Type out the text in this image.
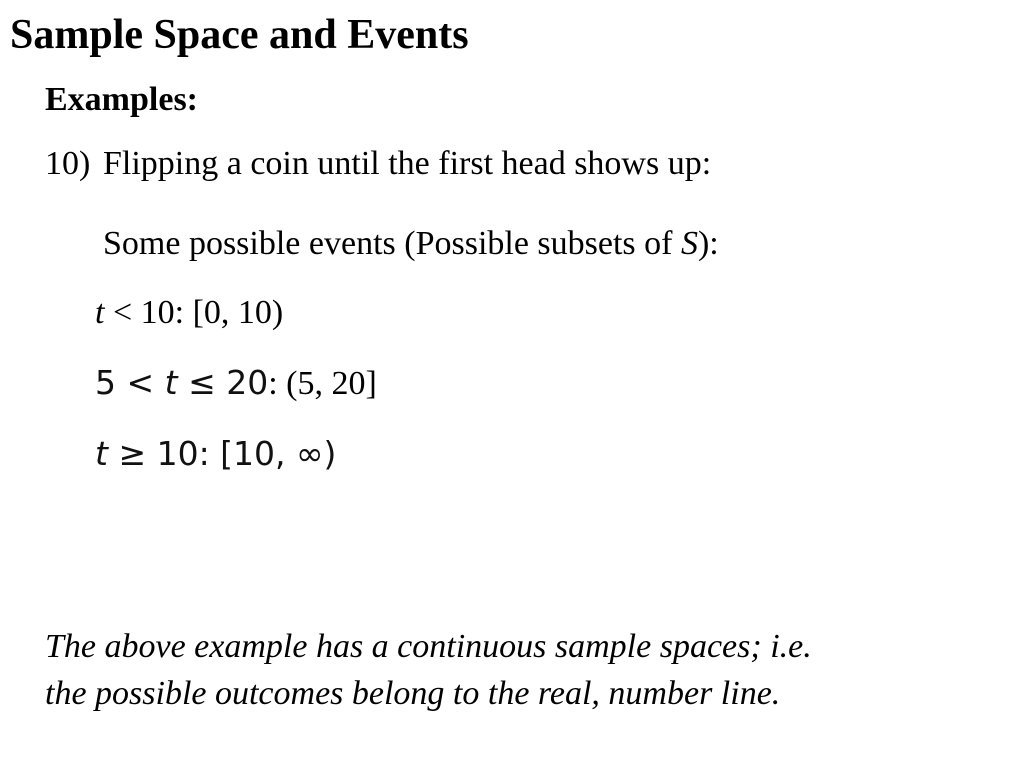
Sample Space and Events
Examples:
10) Flipping a coin until the first head shows up:
Some possible events (Possible subsets of S):
t < 10: [0, 10)
5 < t ≤ 20: (5, 20]
t ≥ 10: [10, ∞)
The above example has a continuous sample spaces; i.e.
the possible outcomes belong to the real, number line.
